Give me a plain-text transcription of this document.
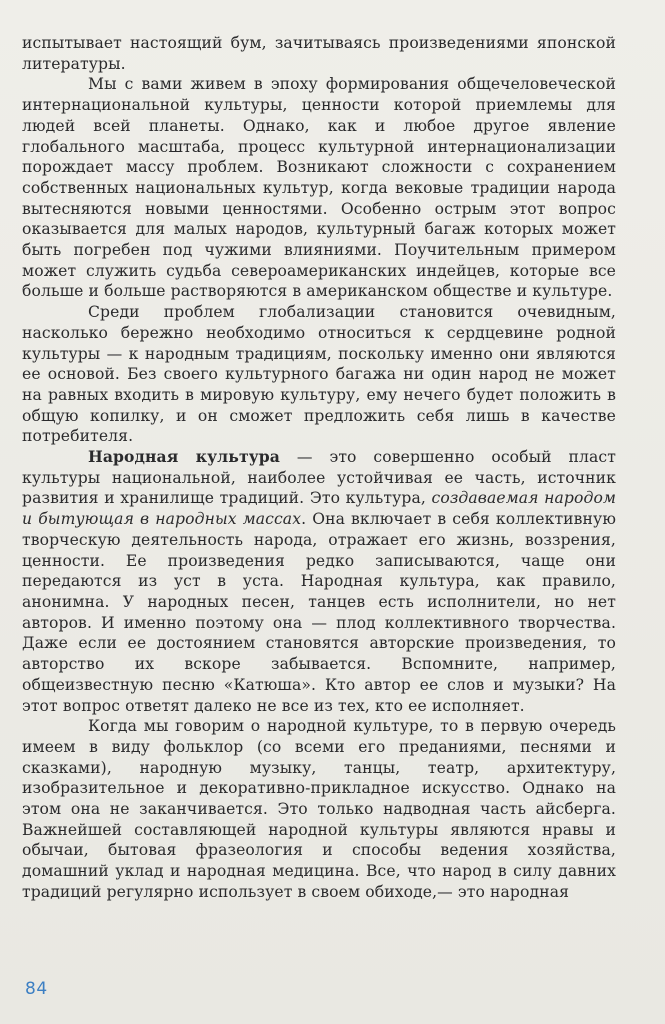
испытывает настоящий бум, зачитываясь произведениями японской литературы.

Мы с вами живем в эпоху формирования общечеловеческой интернациональной культуры, ценности которой приемлемы для людей всей планеты. Однако, как и любое другое явление глобального масштаба, процесс культурной интернационализации порождает массу проблем. Возникают сложности с сохранением собственных национальных культур, когда вековые традиции народа вытесняются новыми ценностями. Особенно острым этот вопрос оказывается для малых народов, культурный багаж которых может быть погребен под чужими влияниями. Поучительным примером может служить судьба североамериканских индейцев, которые все больше и больше растворяются в американском обществе и культуре.

Среди проблем глобализации становится очевидным, насколько бережно необходимо относиться к сердцевине родной культуры — к народным традициям, поскольку именно они являются ее основой. Без своего культурного багажа ни один народ не может на равных входить в мировую культуру, ему нечего будет положить в общую копилку, и он сможет предложить себя лишь в качестве потребителя.

Народная культура — это совершенно особый пласт культуры национальной, наиболее устойчивая ее часть, источник развития и хранилище традиций. Это культура, создаваемая народом и бытующая в народных массах. Она включает в себя коллективную творческую деятельность народа, отражает его жизнь, воззрения, ценности. Ее произведения редко записываются, чаще они передаются из уст в уста. Народная культура, как правило, анонимна. У народных песен, танцев есть исполнители, но нет авторов. И именно поэтому она — плод коллективного творчества. Даже если ее достоянием становятся авторские произведения, то авторство их вскоре забывается. Вспомните, например, общеизвестную песню «Катюша». Кто автор ее слов и музыки? На этот вопрос ответят далеко не все из тех, кто ее исполняет.

Когда мы говорим о народной культуре, то в первую очередь имеем в виду фольклор (со всеми его преданиями, песнями и сказками), народную музыку, танцы, театр, архитектуру, изобразительное и декоративно-прикладное искусство. Однако на этом она не заканчивается. Это только надводная часть айсберга. Важнейшей составляющей народной культуры являются нравы и обычаи, бытовая фразеология и способы ведения хозяйства, домашний уклад и народная медицина. Все, что народ в силу давних традиций регулярно использует в своем обиходе,— это народная

84
